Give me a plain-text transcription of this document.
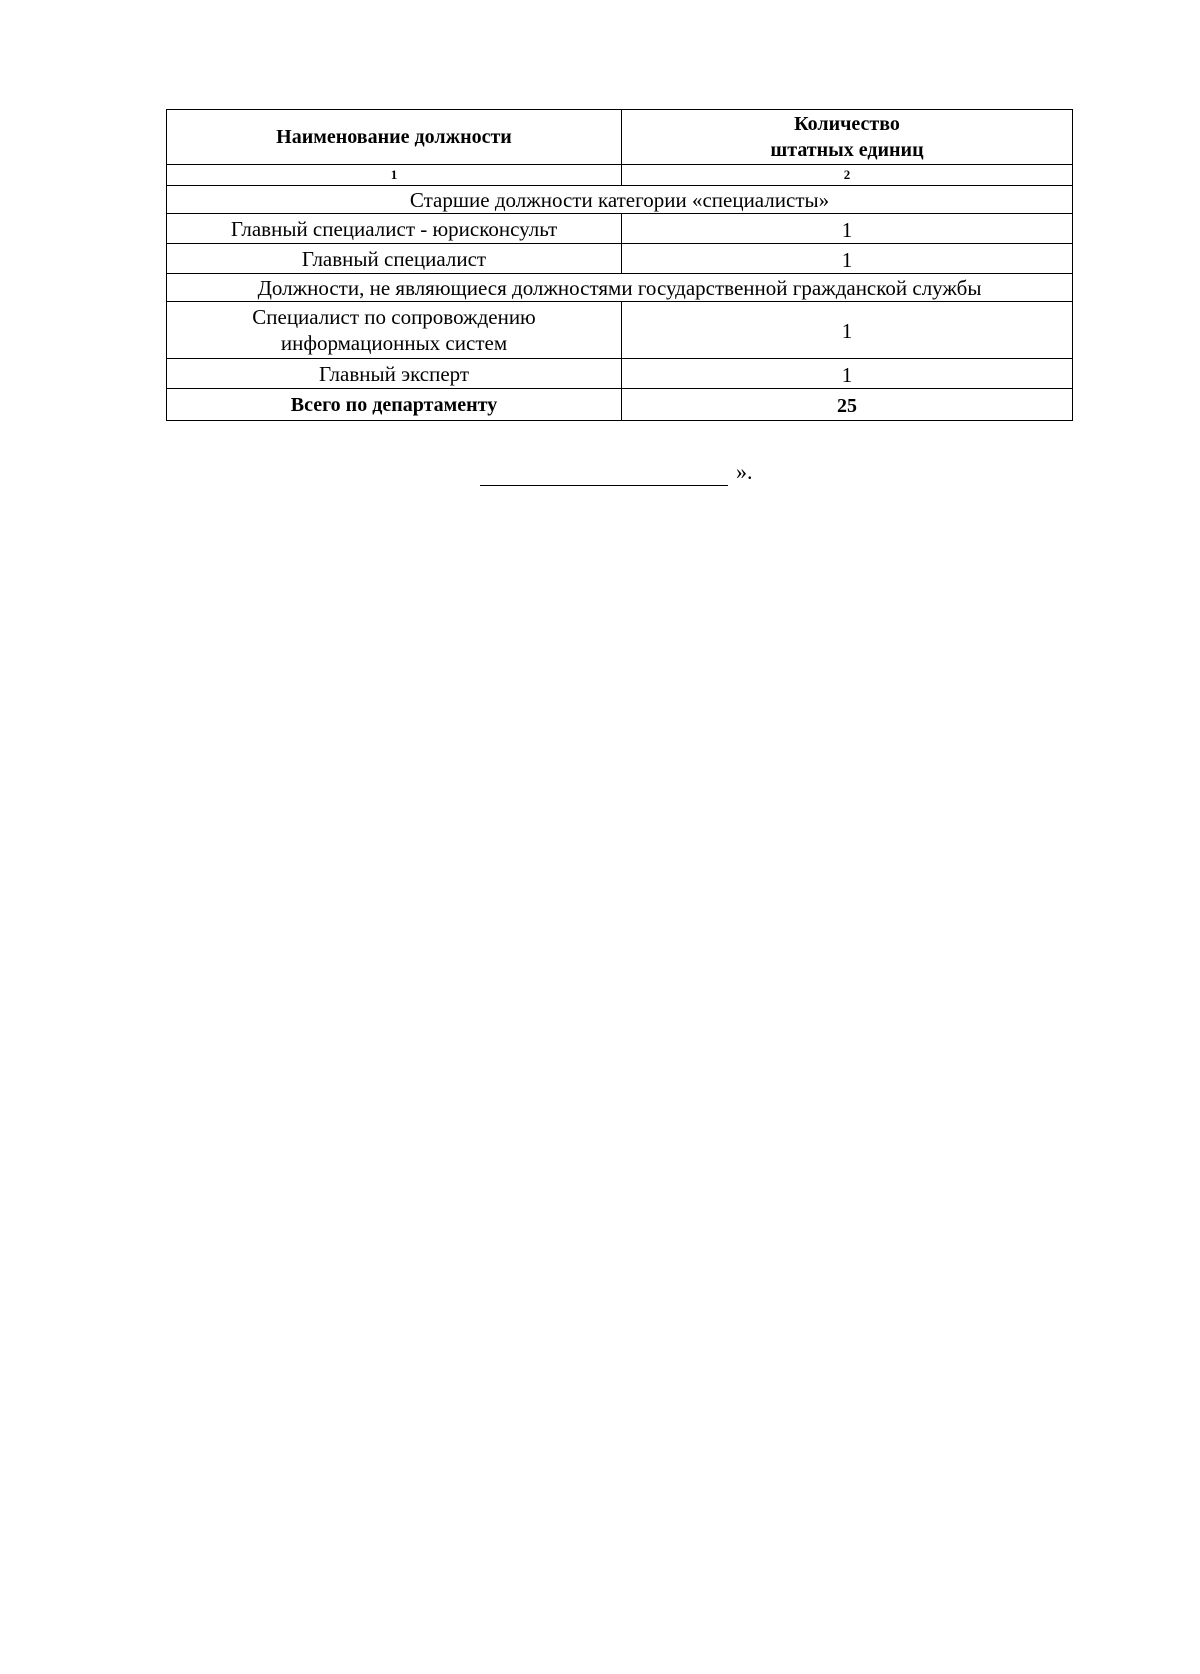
Наименование должности	Количество
штатных единиц

1	2
Старшие должности категории «специалисты»	
Главный специалист - юрисконсульт	1
Главный специалист	1
Должности, не являющиеся должностями государственной гражданской службы	

Специалист по сопровождению
информационных систем	1
Главный эксперт	1
Всего по департаменту	25
».
